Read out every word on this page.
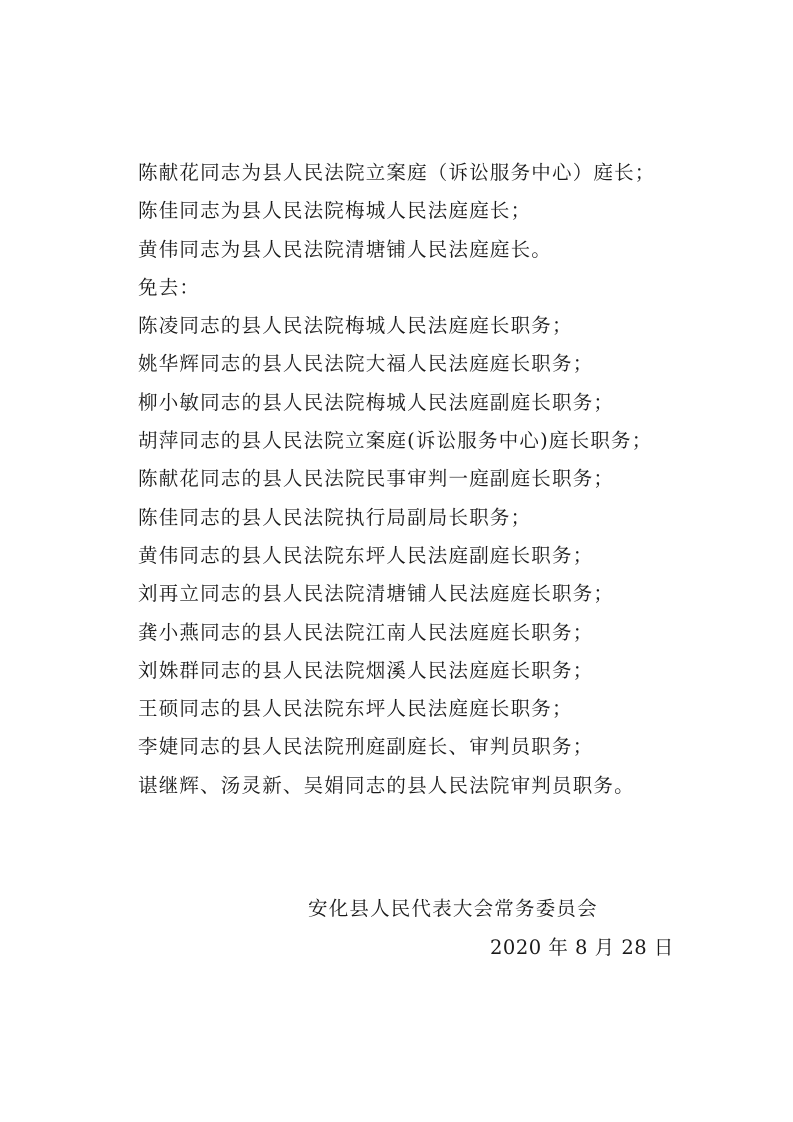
陈献花同志为县人民法院立案庭（诉讼服务中心）庭长；
陈佳同志为县人民法院梅城人民法庭庭长；
黄伟同志为县人民法院清塘铺人民法庭庭长。
免去：
陈凌同志的县人民法院梅城人民法庭庭长职务；
姚华辉同志的县人民法院大福人民法庭庭长职务；
柳小敏同志的县人民法院梅城人民法庭副庭长职务；
胡萍同志的县人民法院立案庭(诉讼服务中心)庭长职务；
陈献花同志的县人民法院民事审判一庭副庭长职务；
陈佳同志的县人民法院执行局副局长职务；
黄伟同志的县人民法院东坪人民法庭副庭长职务；
刘再立同志的县人民法院清塘铺人民法庭庭长职务；
龚小燕同志的县人民法院江南人民法庭庭长职务；
刘姝群同志的县人民法院烟溪人民法庭庭长职务；
王硕同志的县人民法院东坪人民法庭庭长职务；
李婕同志的县人民法院刑庭副庭长、审判员职务；
谌继辉、汤灵新、吴娟同志的县人民法院审判员职务。
安化县人民代表大会常务委员会
2020 年 8 月 28 日
